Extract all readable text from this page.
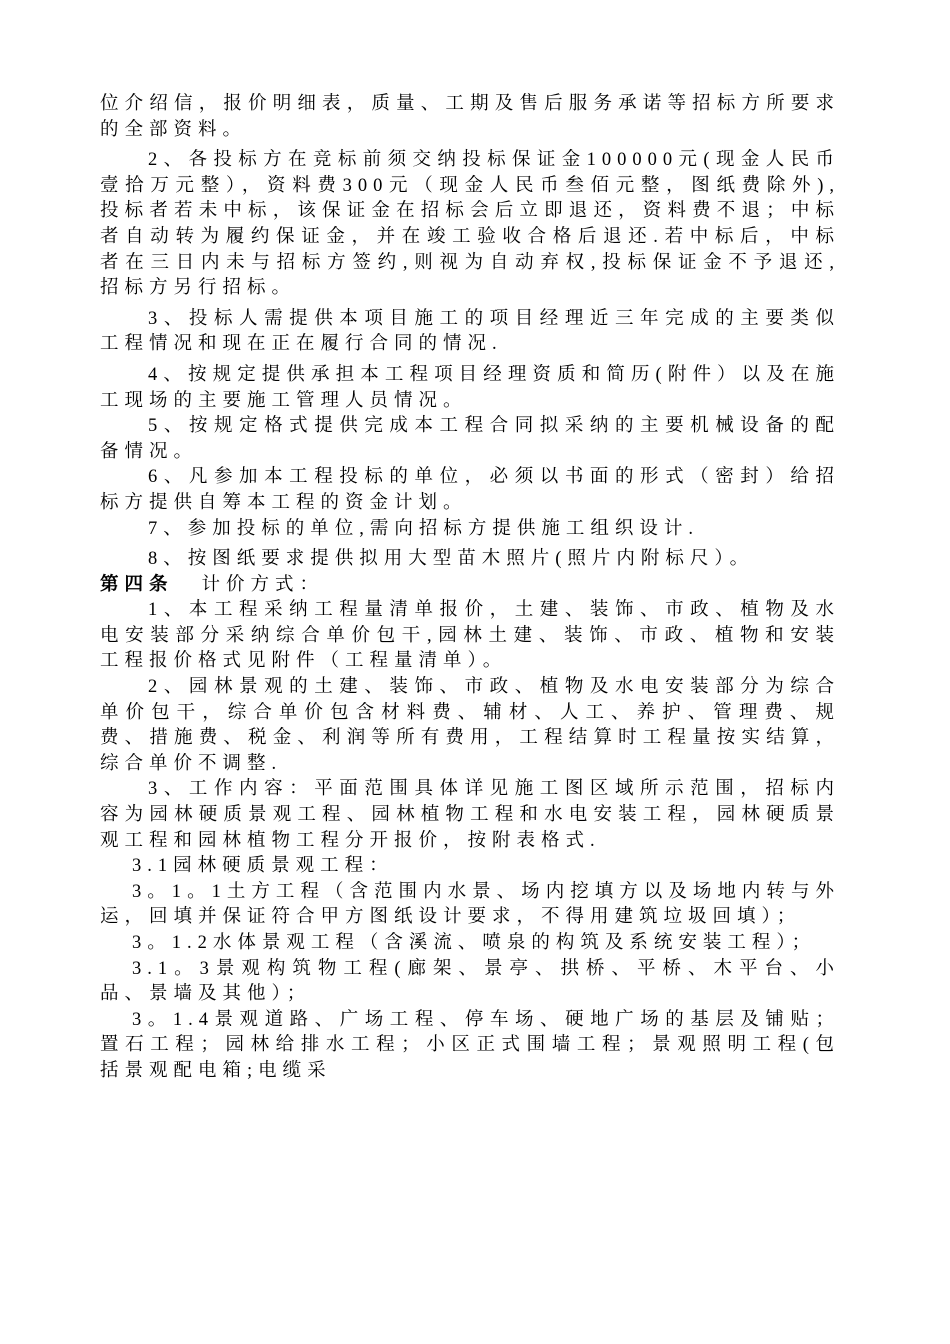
位介绍信，报价明细表，质量、工期及售后服务承诺等招标方所要求的全部资料。

2、各投标方在竞标前须交纳投标保证金100000元(现金人民币壹拾万元整），资料费300元（现金人民币叁佰元整，图纸费除外),投标者若未中标，该保证金在招标会后立即退还，资料费不退；中标者自动转为履约保证金，并在竣工验收合格后退还.若中标后，中标者在三日内未与招标方签约,则视为自动弃权,投标保证金不予退还,招标方另行招标。

3、投标人需提供本项目施工的项目经理近三年完成的主要类似工程情况和现在正在履行合同的情况.

4、按规定提供承担本工程项目经理资质和简历(附件）以及在施工现场的主要施工管理人员情况。

5、按规定格式提供完成本工程合同拟采纳的主要机械设备的配备情况。

6、凡参加本工程投标的单位，必须以书面的形式（密封）给招标方提供自筹本工程的资金计划。

7、参加投标的单位,需向招标方提供施工组织设计.

8、按图纸要求提供拟用大型苗木照片(照片内附标尺）。

第四条 计价方式：

1、本工程采纳工程量清单报价，土建、装饰、市政、植物及水电安装部分采纳综合单价包干,园林土建、装饰、市政、植物和安装工程报价格式见附件（工程量清单）。

2、园林景观的土建、装饰、市政、植物及水电安装部分为综合单价包干，综合单价包含材料费、辅材、人工、养护、管理费、规费、措施费、税金、利润等所有费用，工程结算时工程量按实结算，综合单价不调整.

3、工作内容：平面范围具体详见施工图区域所示范围，招标内容为园林硬质景观工程、园林植物工程和水电安装工程，园林硬质景观工程和园林植物工程分开报价，按附表格式.

3.1园林硬质景观工程：

3。1。1土方工程（含范围内水景、场内挖填方以及场地内转与外运，回填并保证符合甲方图纸设计要求，不得用建筑垃圾回填）；

3。1.2水体景观工程（含溪流、喷泉的构筑及系统安装工程）；

3.1。3景观构筑物工程(廊架、景亭、拱桥、平桥、木平台、小品、景墙及其他）；

3。1.4景观道路、广场工程、停车场、硬地广场的基层及铺贴；置石工程；园林给排水工程；小区正式围墙工程；景观照明工程(包括景观配电箱;电缆采
